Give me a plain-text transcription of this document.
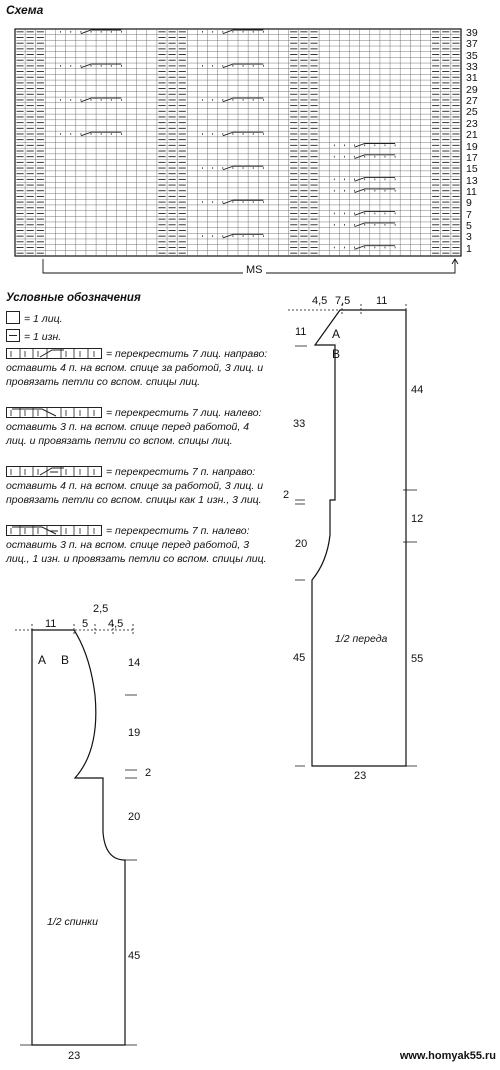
Схема
39
37
35
33
31
29
27
25
23
21
19
17
15
13
11
9
7
5
3
1
MS
Условные обозначения
= 1 лиц.
= 1 изн.
= перекрестить 7 лиц. направо: оставить 4 п. на вспом. спице за работой, 3 лиц. и провязать петли со вспом. спицы лиц.
= перекрестить 7 лиц. налево: оставить 3 п. на вспом. спице перед работой, 4 лиц. и провязать петли со вспом. спицы лиц.
= перекрестить 7 п. направо: оставить 4 п. на вспом. спице за работой, 3 лиц. и провязать петли со вспом. спицы как 1 изн., 3 лиц.
= перекрестить 7 п. налево: оставить 3 п. на вспом. спице перед работой, 3 лиц., 1 изн. и провязать петли со вспом. спицы лиц.
4,5 7,5 11
A
B
11
33
2
20
45
44
12
55
1/2 переда
23
11 5
2,5
4,5
A B	14
19
2
20
45
1/2 спинки
23	www.homyak55.ru
